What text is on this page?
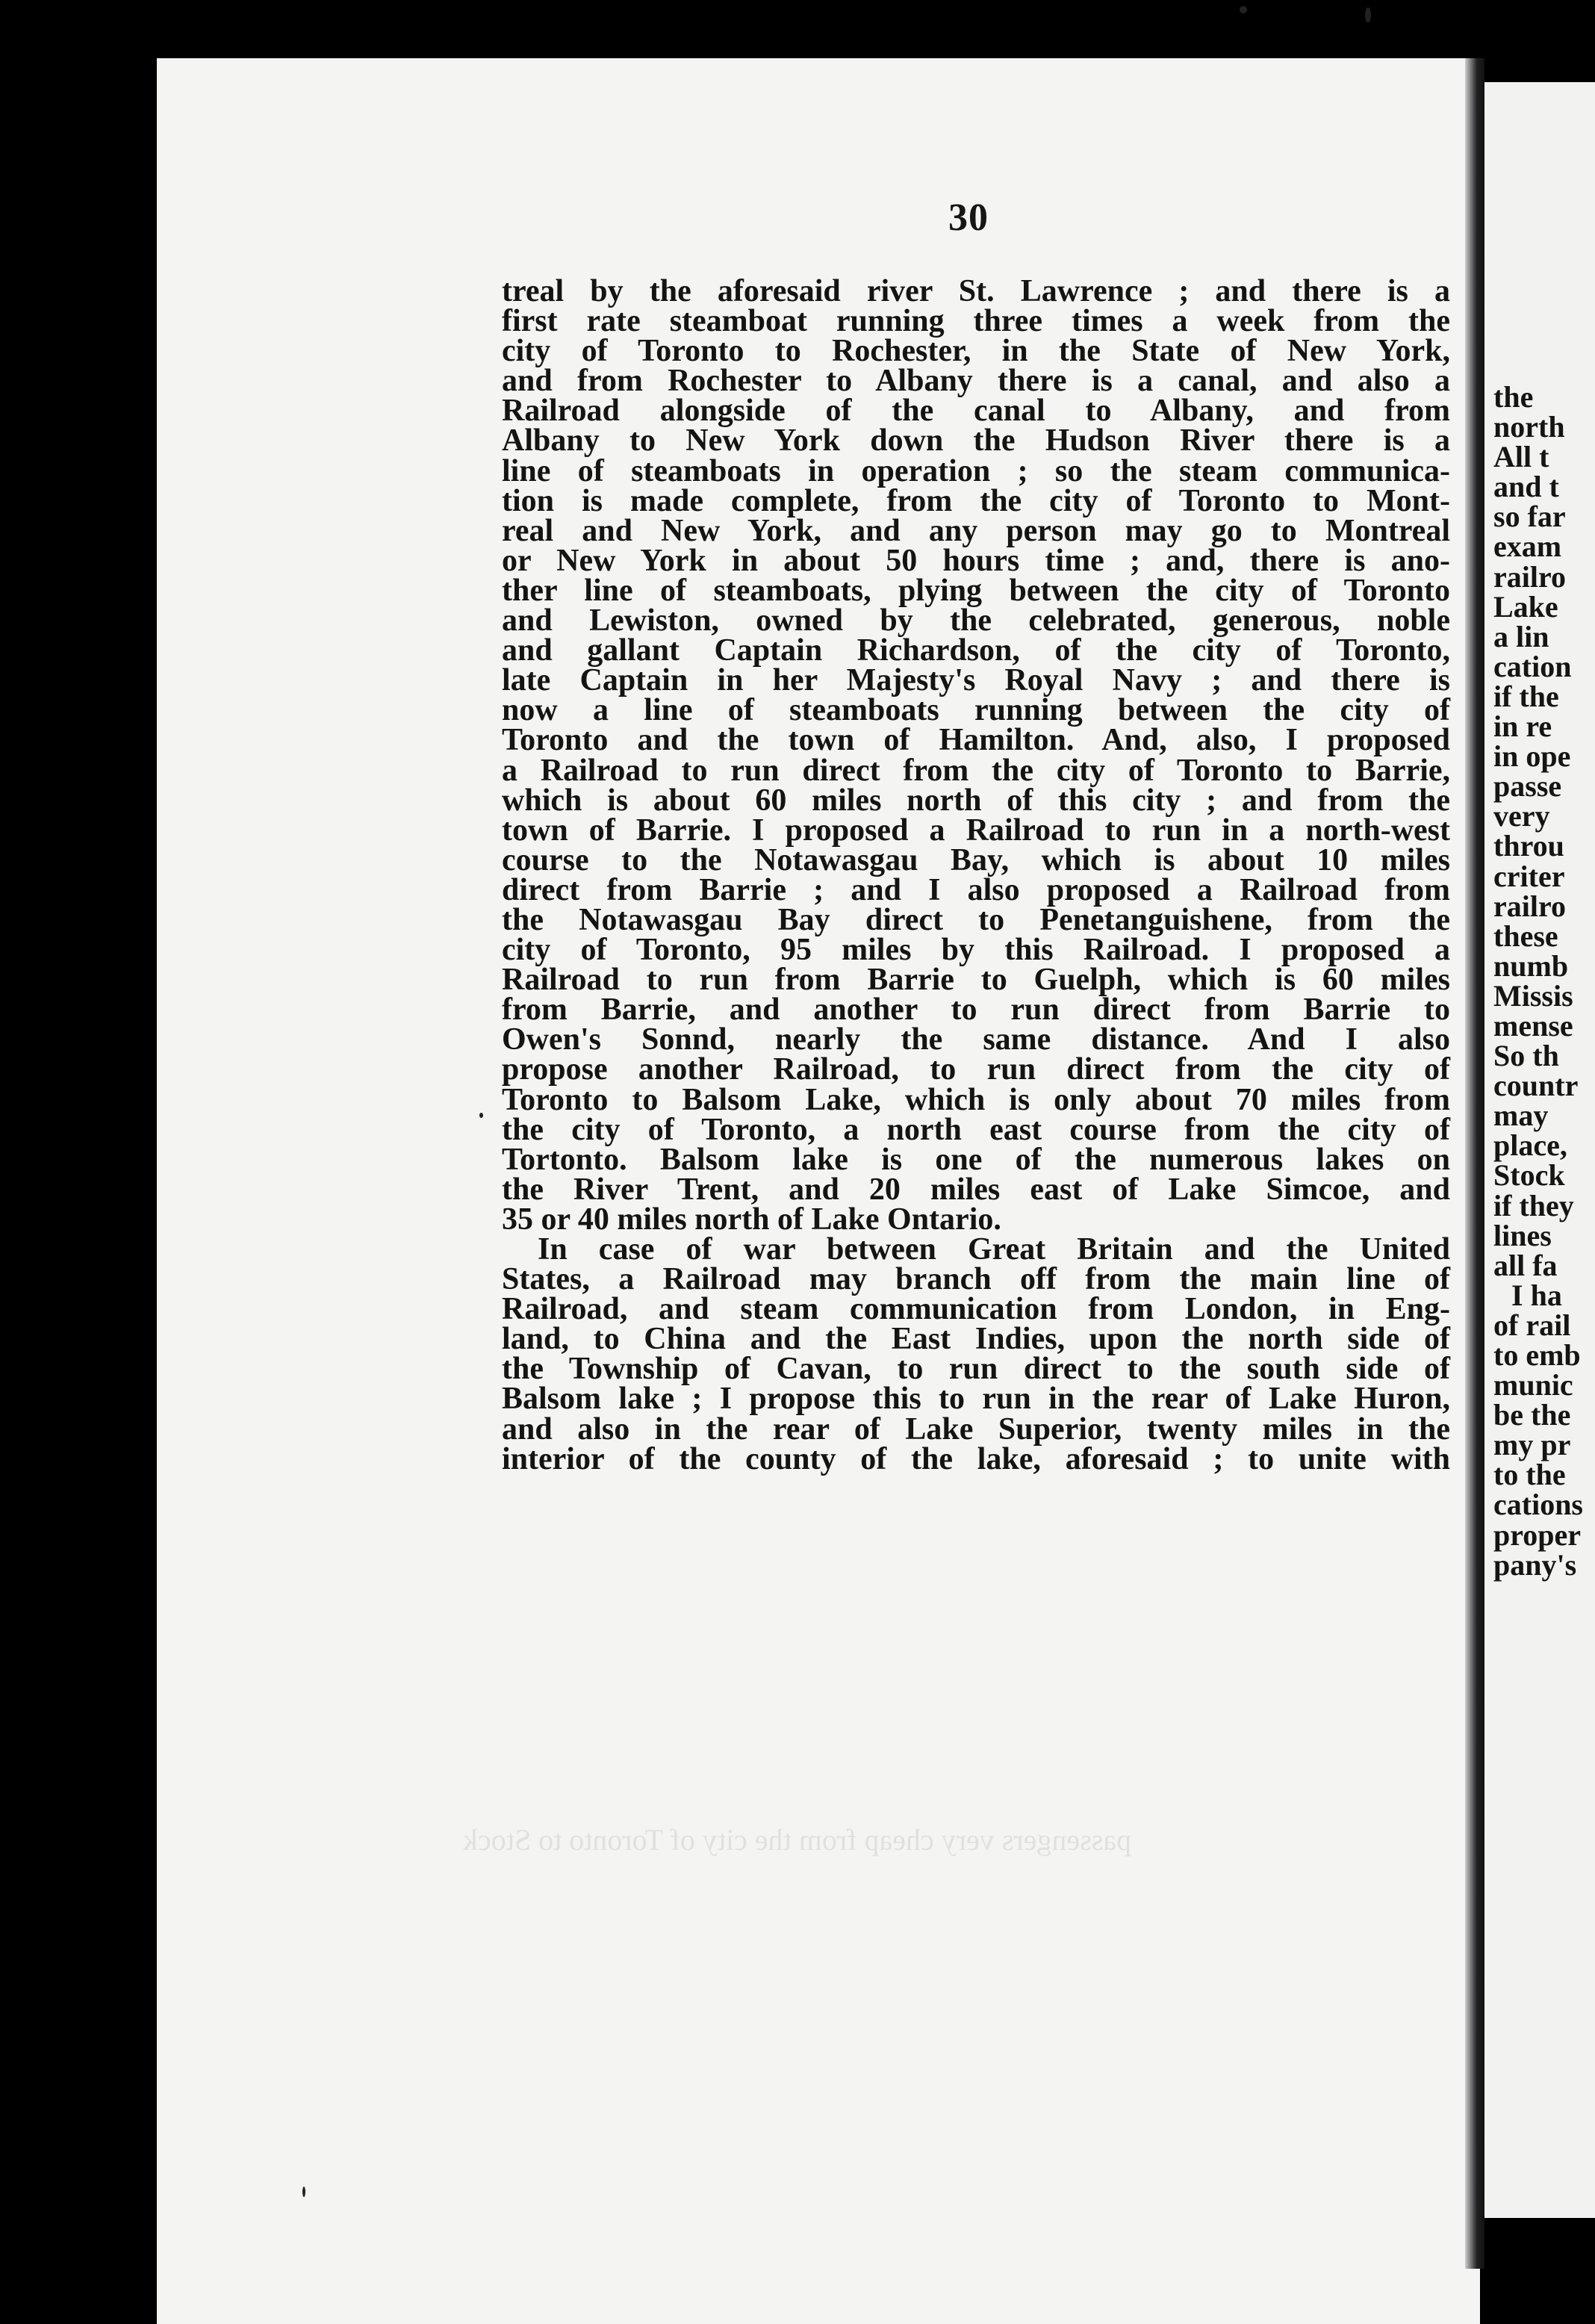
the
north
All t
and t
so far
exam
railro
Lake
a lin
cation
if the
in re
in ope
passe
very
throu
criter
railro
these
numb
Missis
mense
So th
countr
may
place,
Stock
if they
lines
all fa
I ha
of rail
to emb
munic
be the
my pr
to the
cations
proper
pany's
30
treal by the aforesaid river St. Lawrence ; and there is a
first rate steamboat running three times a week from the
city of Toronto to Rochester, in the State of New York,
and from Rochester to Albany there is a canal, and also a
Railroad alongside of the canal to Albany, and from
Albany to New York down the Hudson River there is a
line of steamboats in operation ; so the steam communica-
tion is made complete, from the city of Toronto to Mont-
real and New York, and any person may go to Montreal
or New York in about 50 hours time ; and, there is ano-
ther line of steamboats, plying between the city of Toronto
and Lewiston, owned by the celebrated, generous, noble
and gallant Captain Richardson, of the city of Toronto,
late Captain in her Majesty's Royal Navy ; and there is
now a line of steamboats running between the city of
Toronto and the town of Hamilton. And, also, I proposed
a Railroad to run direct from the city of Toronto to Barrie,
which is about 60 miles north of this city ; and from the
town of Barrie. I proposed a Railroad to run in a north-west
course to the Notawasgau Bay, which is about 10 miles
direct from Barrie ; and I also proposed a Railroad from
the Notawasgau Bay direct to Penetanguishene, from the
city of Toronto, 95 miles by this Railroad. I proposed a
Railroad to run from Barrie to Guelph, which is 60 miles
from Barrie, and another to run direct from Barrie to
Owen's Sonnd, nearly the same distance. And I also
propose another Railroad, to run direct from the city of
Toronto to Balsom Lake, which is only about 70 miles from
the city of Toronto, a north east course from the city of
Tortonto. Balsom lake is one of the numerous lakes on
the River Trent, and 20 miles east of Lake Simcoe, and
35 or 40 miles north of Lake Ontario.
In case of war between Great Britain and the United
States, a Railroad may branch off from the main line of
Railroad, and steam communication from London, in Eng-
land, to China and the East Indies, upon the north side of
the Township of Cavan, to run direct to the south side of
Balsom lake ; I propose this to run in the rear of Lake Huron,
and also in the rear of Lake Superior, twenty miles in the
interior of the county of the lake, aforesaid ; to unite with
passengers very cheap from the city of Toronto to Stock
